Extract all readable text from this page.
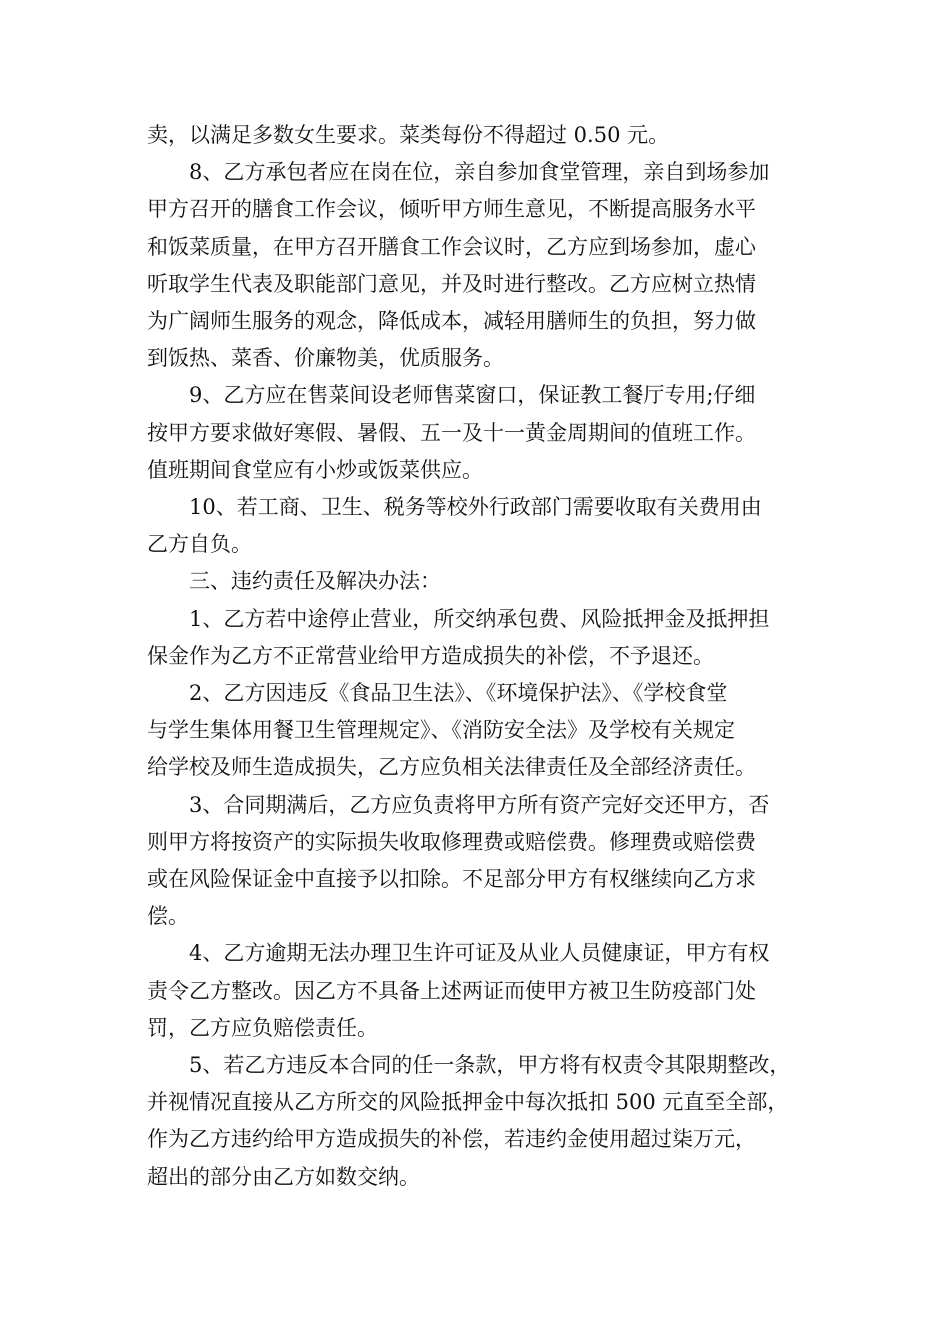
卖，以满足多数女生要求。菜类每份不得超过 0.50 元。
8、乙方承包者应在岗在位，亲自参加食堂管理，亲自到场参加
甲方召开的膳食工作会议，倾听甲方师生意见，不断提高服务水平
和饭菜质量，在甲方召开膳食工作会议时，乙方应到场参加，虚心
听取学生代表及职能部门意见，并及时进行整改。乙方应树立热情
为广阔师生服务的观念，降低成本，减轻用膳师生的负担，努力做
到饭热、菜香、价廉物美，优质服务。
9、乙方应在售菜间设老师售菜窗口，保证教工餐厅专用;仔细
按甲方要求做好寒假、暑假、五一及十一黄金周期间的值班工作。
值班期间食堂应有小炒或饭菜供应。
10、若工商、卫生、税务等校外行政部门需要收取有关费用由
乙方自负。
三、违约责任及解决办法：
1、乙方若中途停止营业，所交纳承包费、风险抵押金及抵押担
保金作为乙方不正常营业给甲方造成损失的补偿，不予退还。
2、乙方因违反《食品卫生法》、《环境保护法》、《学校食堂
与学生集体用餐卫生管理规定》、《消防安全法》及学校有关规定
给学校及师生造成损失，乙方应负相关法律责任及全部经济责任。
3、合同期满后，乙方应负责将甲方所有资产完好交还甲方，否
则甲方将按资产的实际损失收取修理费或赔偿费。修理费或赔偿费
或在风险保证金中直接予以扣除。不足部分甲方有权继续向乙方求
偿。
4、乙方逾期无法办理卫生许可证及从业人员健康证，甲方有权
责令乙方整改。因乙方不具备上述两证而使甲方被卫生防疫部门处
罚，乙方应负赔偿责任。
5、若乙方违反本合同的任一条款，甲方将有权责令其限期整改，
并视情况直接从乙方所交的风险抵押金中每次抵扣 500 元直至全部，
作为乙方违约给甲方造成损失的补偿，若违约金使用超过柒万元，
超出的部分由乙方如数交纳。
